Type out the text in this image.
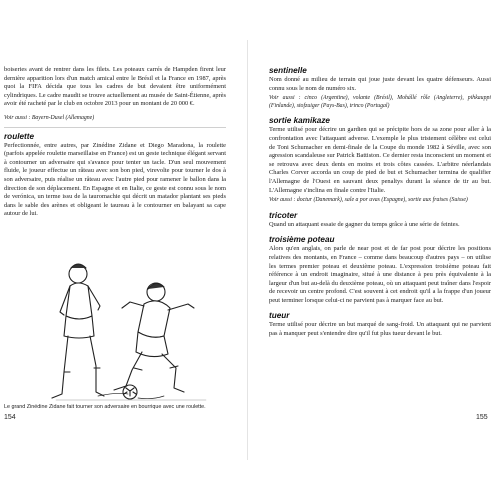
boiseries avant de rentrer dans les filets. Les poteaux carrés de Hampden firent leur dernière apparition lors d'un match amical entre le Brésil et la France en 1987, après quoi la FIFA décida que tous les cadres de but devaient être uniformément cylindriques. Le cadre maudit se trouve actuellement au musée de Saint-Étienne, après avoir été racheté par le club en octobre 2013 pour un montant de 20 000 €.

Voir aussi : Bayern-Dusel (Allemagne)

roulette

Perfectionnée, entre autres, par Zinédine Zidane et Diego Maradona, la roulette (parfois appelée roulette marseillaise en France) est un geste technique élégant servant à contourner un adversaire qui s'avance pour tenter un tacle. D'un seul mouvement fluide, le joueur effectue un râteau avec son bon pied, virevolte pour tourner le dos à son adversaire, puis réalise un râteau avec l'autre pied pour ramener le ballon dans la direction de son déplacement. En Espagne et en Italie, ce geste est connu sous le nom de verónica, un terme issu de la tauromachie qui décrit un matador plantant ses pieds dans le sable des arènes et obligeant le taureau à le contourner en balayant sa cape autour de lui.

Le grand Zinédine Zidane fait tourner son adversaire en bourrique avec une roulette.
154
sentinelle

Nom donné au milieu de terrain qui joue juste devant les quatre défenseurs. Aussi connu sous le nom de numéro six.

Voir aussi : cinco (Argentine), volante (Brésil), Mohállé rôle (Angleterre), pihkauppi (Finlande), stofzuiger (Pays-Bas), trinco (Portugal)

sortie kamikaze

Terme utilisé pour décrire un gardien qui se précipite hors de sa zone pour aller à la confrontation avec l'attaquant adverse. L'exemple le plus tristement célèbre est celui de Toni Schumacher en demi-finale de la Coupe du monde 1982 à Séville, avec son agression scandaleuse sur Patrick Battiston. Ce dernier resta inconscient un moment et se retrouva avec deux dents en moins et trois côtes cassées. L'arbitre néerlandais Charles Corver accorda un coup de pied de but et Schumacher termina de qualifier l'Allemagne de l'Ouest en sauvant deux penaltys durant la séance de tir au but. L'Allemagne s'inclina en finale contre l'Italie.

Voir aussi : doctur (Danemark), sale a por uvas (Espagne), sortie aux fraises (Suisse)

tricoter

Quand un attaquant essaie de gagner du temps grâce à une série de feintes.

troisième poteau

Alors qu'en anglais, on parle de near post et de far post pour décrire les positions relatives des montants, en France – comme dans beaucoup d'autres pays – on utilise les termes premier poteau et deuxième poteau. L'expression troisième poteau fait référence à un endroit imaginaire, situé à une distance à peu près équivalente à la largeur d'un but au-delà du deuxième poteau, où un attaquant peut traîner dans l'espoir de recevoir un centre profond. C'est souvent à cet endroit qu'il a la frappe d'un joueur peut terminer lorsque celui-ci ne parvient pas à marquer face au but.

tueur

Terme utilisé pour décrire un but marqué de sang-froid. Un attaquant qui ne parvient pas à manquer peut s'entendre dire qu'il fut plus tueur devant le but.

155
